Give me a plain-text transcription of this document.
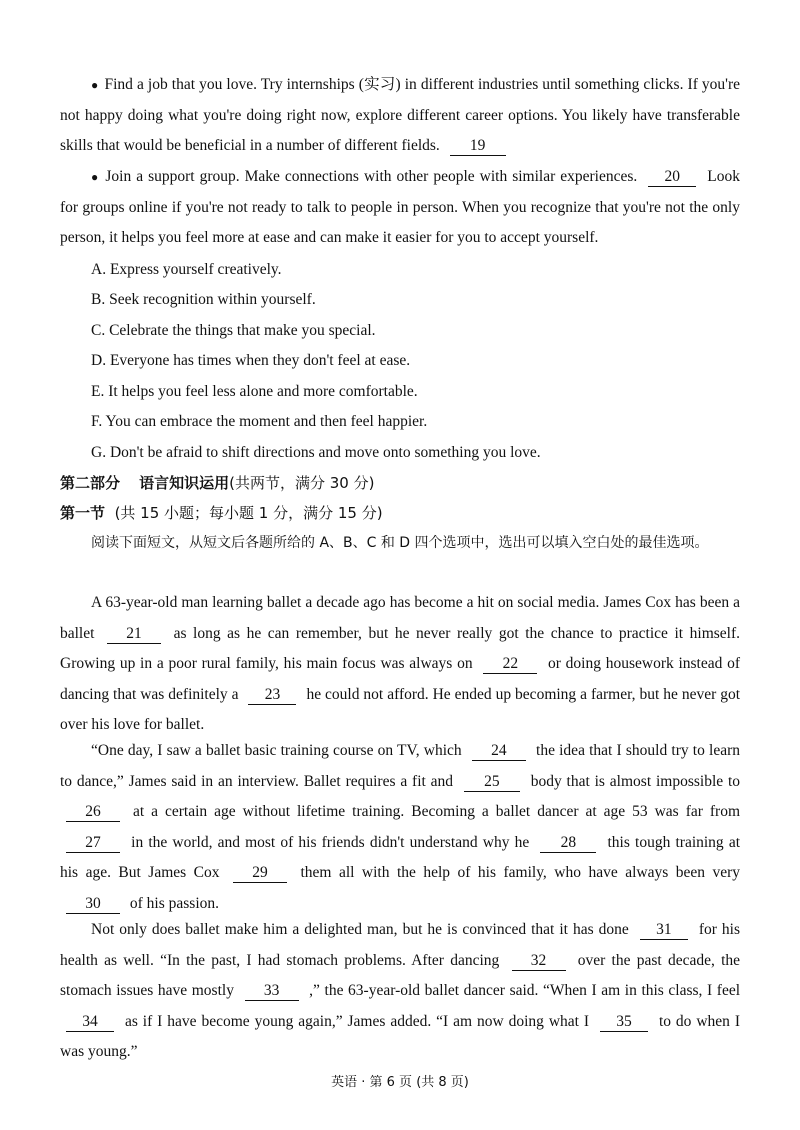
● Find a job that you love. Try internships (实习) in different industries until something clicks. If you're not happy doing what you're doing right now, explore different career options. You likely have transferable skills that would be beneficial in a number of different fields. 19

● Join a support group. Make connections with other people with similar experiences. 20 Look for groups online if you're not ready to talk to people in person. When you recognize that you're not the only person, it helps you feel more at ease and can make it easier for you to accept yourself.

A. Express yourself creatively.

B. Seek recognition within yourself.

C. Celebrate the things that make you special.

D. Everyone has times when they don't feel at ease.

E. It helps you feel less alone and more comfortable.

F. You can embrace the moment and then feel happier.

G. Don't be afraid to shift directions and move onto something you love.

第二部分 语言知识运用(共两节，满分 30 分)

第一节 (共 15 小题；每小题 1 分，满分 15 分)

阅读下面短文，从短文后各题所给的 A、B、C 和 D 四个选项中，选出可以填入空白处的最佳选项。

A 63-year-old man learning ballet a decade ago has become a hit on social media. James Cox has been a ballet 21 as long as he can remember, but he never really got the chance to practice it himself. Growing up in a poor rural family, his main focus was always on 22 or doing housework instead of dancing that was definitely a 23 he could not afford. He ended up becoming a farmer, but he never got over his love for ballet.

“One day, I saw a ballet basic training course on TV, which 24 the idea that I should try to learn to dance,” James said in an interview. Ballet requires a fit and 25 body that is almost impossible to 26 at a certain age without lifetime training. Becoming a ballet dancer at age 53 was far from 27 in the world, and most of his friends didn't understand why he 28 this tough training at his age. But James Cox 29 them all with the help of his family, who have always been very 30 of his passion.

Not only does ballet make him a delighted man, but he is convinced that it has done 31 for his health as well. “In the past, I had stomach problems. After dancing 32 over the past decade, the stomach issues have mostly 33 ,” the 63-year-old ballet dancer said. “When I am in this class, I feel 34 as if I have become young again,” James added. “I am now doing what I 35 to do when I was young.”

英语 · 第 6 页 (共 8 页)
